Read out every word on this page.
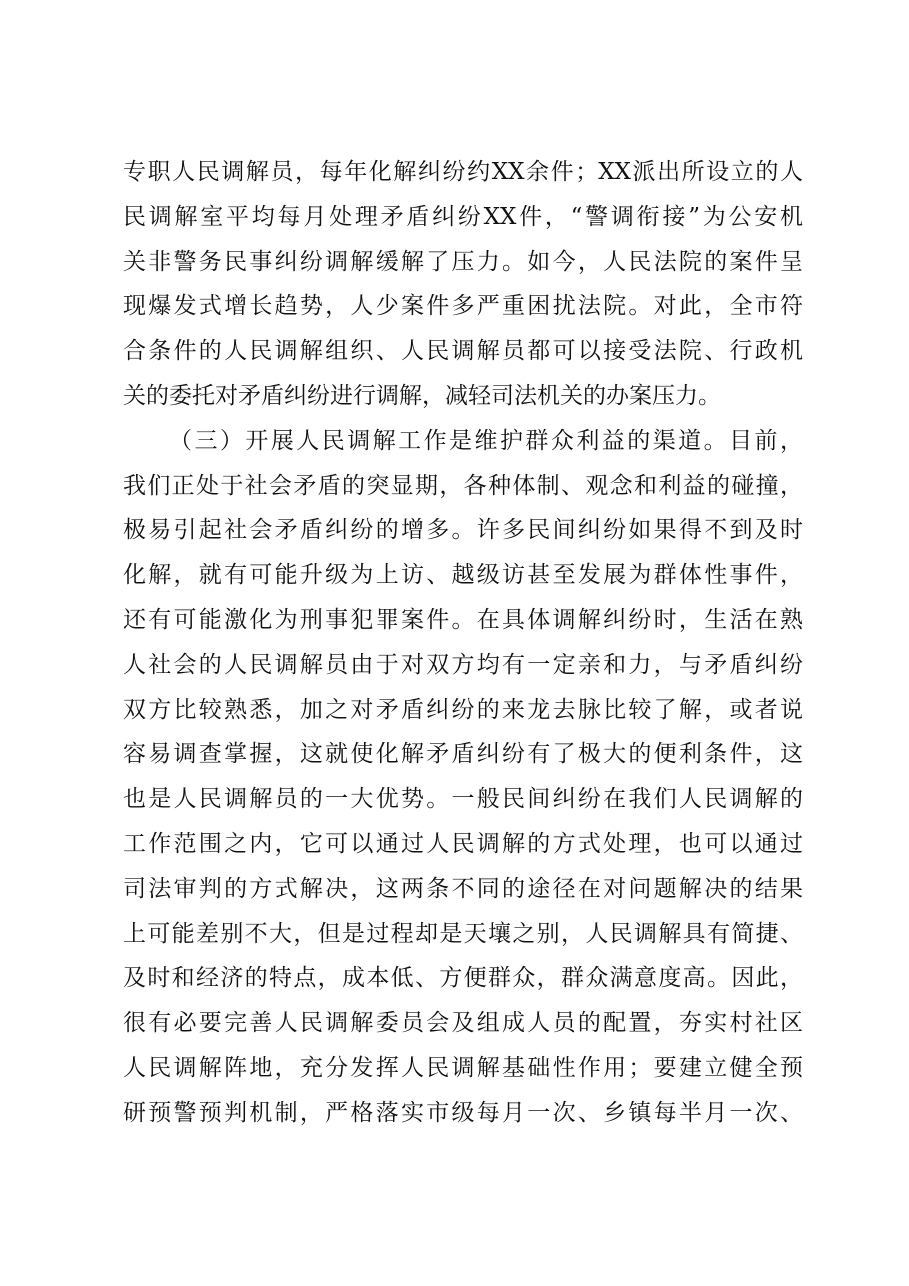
专职人民调解员，每年化解纠纷约XX余件；XX派出所设立的人
民调解室平均每月处理矛盾纠纷XX件，“警调衔接”为公安机
关非警务民事纠纷调解缓解了压力。如今，人民法院的案件呈
现爆发式增长趋势，人少案件多严重困扰法院。对此，全市符
合条件的人民调解组织、人民调解员都可以接受法院、行政机
关的委托对矛盾纠纷进行调解，减轻司法机关的办案压力。
（三）开展人民调解工作是维护群众利益的渠道。目前，
我们正处于社会矛盾的突显期，各种体制、观念和利益的碰撞，
极易引起社会矛盾纠纷的增多。许多民间纠纷如果得不到及时
化解，就有可能升级为上访、越级访甚至发展为群体性事件，
还有可能激化为刑事犯罪案件。在具体调解纠纷时，生活在熟
人社会的人民调解员由于对双方均有一定亲和力，与矛盾纠纷
双方比较熟悉，加之对矛盾纠纷的来龙去脉比较了解，或者说
容易调查掌握，这就使化解矛盾纠纷有了极大的便利条件，这
也是人民调解员的一大优势。一般民间纠纷在我们人民调解的
工作范围之内，它可以通过人民调解的方式处理，也可以通过
司法审判的方式解决，这两条不同的途径在对问题解决的结果
上可能差别不大，但是过程却是天壤之别，人民调解具有简捷、
及时和经济的特点，成本低、方便群众，群众满意度高。因此，
很有必要完善人民调解委员会及组成人员的配置，夯实村社区
人民调解阵地，充分发挥人民调解基础性作用；要建立健全预
研预警预判机制，严格落实市级每月一次、乡镇每半月一次、
